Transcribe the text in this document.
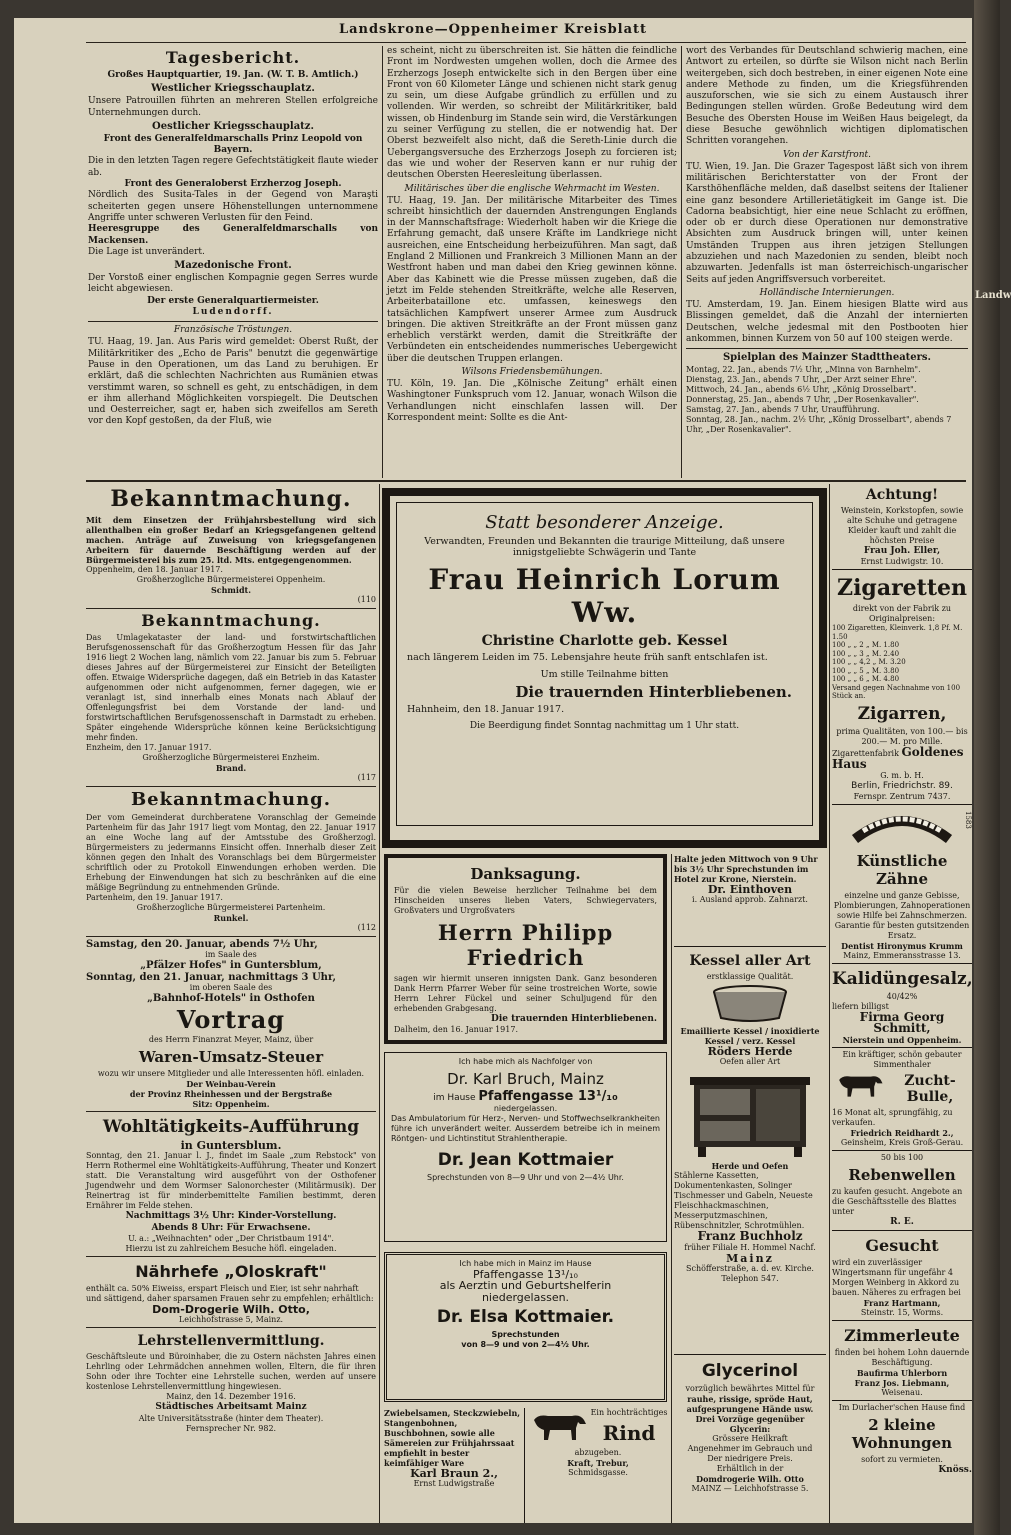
Landskrone—Oppenheimer Kreisblatt
Tagesbericht.

Großes Hauptquartier, 19. Jan. (W. T. B. Amtlich.)

Westlicher Kriegsschauplatz.

Unsere Patrouillen führten an mehreren Stellen erfolgreiche Unternehmungen durch.

Oestlicher Kriegsschauplatz.

Front des Generalfeldmarschalls Prinz Leopold von Bayern.

Die in den letzten Tagen regere Gefechtstätigkeit flaute wieder ab.

Front des Generaloberst Erzherzog Joseph.

Nördlich des Susita-Tales in der Gegend von Maraşti scheiterten gegen unsere Höhenstellungen unternommene Angriffe unter schweren Verlusten für den Feind.

Heeresgruppe des Generalfeldmarschalls von Mackensen.

Die Lage ist unverändert.

Mazedonische Front.

Der Vorstoß einer englischen Kompagnie gegen Serres wurde leicht abgewiesen.

Der erste Generalquartiermeister.

Ludendorff.

Französische Tröstungen.

TU. Haag, 19. Jan. Aus Paris wird gemeldet: Oberst Rußt, der Militärkritiker des „Echo de Paris" benutzt die gegenwärtige Pause in den Operationen, um das Land zu beruhigen. Er erklärt, daß die schlechten Nachrichten aus Rumänien etwas verstimmt waren, so schnell es geht, zu entschädigen, in dem er ihm allerhand Möglichkeiten vorspiegelt. Die Deutschen und Oesterreicher, sagt er, haben sich zweifellos am Sereth vor den Kopf gestoßen, da der Fluß, wie

es scheint, nicht zu überschreiten ist. Sie hätten die feindliche Front im Nordwesten umgehen wollen, doch die Armee des Erzherzogs Joseph entwickelte sich in den Bergen über eine Front von 60 Kilometer Länge und schienen nicht stark genug zu sein, um diese Aufgabe gründlich zu erfüllen und zu vollenden. Wir werden, so schreibt der Militärkritiker, bald wissen, ob Hindenburg im Stande sein wird, die Verstärkungen zu seiner Verfügung zu stellen, die er notwendig hat. Der Oberst bezweifelt also nicht, daß die Sereth-Linie durch die Uebergangsversuche des Erzherzogs Joseph zu forcieren ist; das wie und woher der Reserven kann er nur ruhig der deutschen Obersten Heeresleitung überlassen.

Militärisches über die englische Wehrmacht im Westen.

TU. Haag, 19. Jan. Der militärische Mitarbeiter des Times schreibt hinsichtlich der dauernden Anstrengungen Englands in der Mannschaftsfrage: Wiederholt haben wir die Kriege die Erfahrung gemacht, daß unsere Kräfte im Landkriege nicht ausreichen, eine Entscheidung herbeizuführen. Man sagt, daß England 2 Millionen und Frankreich 3 Millionen Mann an der Westfront haben und man dabei den Krieg gewinnen könne. Aber das Kabinett wie die Presse müssen zugeben, daß die jetzt im Felde stehenden Streitkräfte, welche alle Reserven, Arbeiterbataillone etc. umfassen, keineswegs den tatsächlichen Kampfwert unserer Armee zum Ausdruck bringen. Die aktiven Streitkräfte an der Front müssen ganz erheblich verstärkt werden, damit die Streitkräfte der Verbündeten ein entscheidendes nummerisches Uebergewicht über die deutschen Truppen erlangen.

Wilsons Friedensbemühungen.

TU. Köln, 19. Jan. Die „Kölnische Zeitung" erhält einen Washingtoner Funkspruch vom 12. Januar, wonach Wilson die Verhandlungen nicht einschlafen lassen will. Der Korrespondent meint: Sollte es die Ant-

wort des Verbandes für Deutschland schwierig machen, eine Antwort zu erteilen, so dürfte sie Wilson nicht nach Berlin weitergeben, sich doch bestreben, in einer eigenen Note eine andere Methode zu finden, um die Kriegsführenden auszuforschen, wie sie sich zu einem Austausch ihrer Bedingungen stellen würden. Große Bedeutung wird dem Besuche des Obersten House im Weißen Haus beigelegt, da diese Besuche gewöhnlich wichtigen diplomatischen Schritten vorangehen.

Von der Karstfront.

TU. Wien, 19. Jan. Die Grazer Tagespost läßt sich von ihrem militärischen Berichterstatter von der Front der Karsthöhenfläche melden, daß daselbst seitens der Italiener eine ganz besondere Artillerietätigkeit im Gange ist. Die Cadorna beabsichtigt, hier eine neue Schlacht zu eröffnen, oder ob er durch diese Operationen nur demonstrative Absichten zum Ausdruck bringen will, unter keinen Umständen Truppen aus ihren jetzigen Stellungen abzuziehen und nach Mazedonien zu senden, bleibt noch abzuwarten. Jedenfalls ist man österreichisch-ungarischer Seits auf jeden Angriffsversuch vorbereitet.

Holländische Internierungen.

TU. Amsterdam, 19. Jan. Einem hiesigen Blatte wird aus Blissingen gemeldet, daß die Anzahl der internierten Deutschen, welche jedesmal mit den Postbooten hier ankommen, binnen Kurzem von 50 auf 100 steigen werde.

Spielplan des Mainzer Stadttheaters.

Montag, 22. Jan., abends 7½ Uhr, „Minna von Barnhelm".

Dienstag, 23. Jan., abends 7 Uhr, „Der Arzt seiner Ehre".

Mittwoch, 24. Jan., abends 6½ Uhr, „König Drosselbart".

Donnerstag, 25. Jan., abends 7 Uhr, „Der Rosenkavalier".

Samstag, 27. Jan., abends 7 Uhr, Uraufführung.

Sonntag, 28. Jan., nachm. 2½ Uhr, „König Drosselbart", abends 7 Uhr, „Der Rosenkavalier".

Bekanntmachung.

Mit dem Einsetzen der Frühjahrsbestellung wird sich allenthalben ein großer Bedarf an Kriegsgefangenen geltend machen. Anträge auf Zuweisung von kriegsgefangenen Arbeitern für dauernde Beschäftigung werden auf der Bürgermeisterei bis zum 25. ltd. Mts. entgegengenommen.

Oppenheim, den 18. Januar 1917.

Großherzogliche Bürgermeisterei Oppenheim.

Schmidt.

(110

Bekanntmachung.

Das Umlagekataster der land- und forstwirtschaftlichen Berufsgenossenschaft für das Großherzogtum Hessen für das Jahr 1916 liegt 2 Wochen lang, nämlich vom 22. Januar bis zum 5. Februar dieses Jahres auf der Bürgermeisterei zur Einsicht der Beteiligten offen. Etwaige Widersprüche dagegen, daß ein Betrieb in das Kataster aufgenommen oder nicht aufgenommen, ferner dagegen, wie er veranlagt ist, sind innerhalb eines Monats nach Ablauf der Offenlegungsfrist bei dem Vorstande der land- und forstwirtschaftlichen Berufsgenossenschaft in Darmstadt zu erheben. Später eingehende Widersprüche können keine Berücksichtigung mehr finden.

Enzheim, den 17. Januar 1917.

Großherzogliche Bürgermeisterei Enzheim.

Brand.

(117

Bekanntmachung.

Der vom Gemeinderat durchberatene Voranschlag der Gemeinde Partenheim für das Jahr 1917 liegt vom Montag, den 22. Januar 1917 an eine Woche lang auf der Amtsstube des Großherzogl. Bürgermeisters zu jedermanns Einsicht offen. Innerhalb dieser Zeit können gegen den Inhalt des Voranschlags bei dem Bürgermeister schriftlich oder zu Protokoll Einwendungen erhoben werden. Die Erhebung der Einwendungen hat sich zu beschränken auf die eine mäßige Begründung zu entnehmenden Gründe.

Partenheim, den 19. Januar 1917.

Großherzogliche Bürgermeisterei Partenheim.

Runkel.

(112

Samstag, den 20. Januar, abends 7½ Uhr,

im Saale des

„Pfälzer Hofes" in Guntersblum,

Sonntag, den 21. Januar, nachmittags 3 Uhr,

im oberen Saale des

„Bahnhof-Hotels" in Osthofen

Vortrag

des Herrn Finanzrat Meyer, Mainz, über

Waren-Umsatz-Steuer

wozu wir unsere Mitglieder und alle Interessenten höfl. einladen.

Der Weinbau-Verein

der Provinz Rheinhessen und der Bergstraße

Sitz: Oppenheim.

Wohltätigkeits-Aufführung

in Guntersblum.

Sonntag, den 21. Januar l. J., findet im Saale „zum Rebstock" von Herrn Rothermel eine Wohltätigkeits-Aufführung, Theater und Konzert statt. Die Veranstaltung wird ausgeführt von der Osthofener Jugendwehr und dem Wormser Salonorchester (Militärmusik). Der Reinertrag ist für minderbemittelte Familien bestimmt, deren Ernährer im Felde stehen.

Nachmittags 3½ Uhr: Kinder-Vorstellung.

Abends 8 Uhr: Für Erwachsene.

U. a.: „Weihnachten" oder „Der Christbaum 1914".

Hierzu ist zu zahlreichem Besuche höfl. eingeladen.

Nährhefe „Oloskraft"

enthält ca. 50% Eiweiss, erspart Fleisch und Eier, ist sehr nahrhaft und sättigend, daher sparsamen Frauen sehr zu empfehlen; erhältlich:

Dom-Drogerie Wilh. Otto,

Leichhofstrasse 5, Mainz.

Lehrstellenvermittlung.

Geschäftsleute und Büroinhaber, die zu Ostern nächsten Jahres einen Lehrling oder Lehrmädchen annehmen wollen, Eltern, die für ihren Sohn oder ihre Tochter eine Lehrstelle suchen, werden auf unsere kostenlose Lehrstellenvermittlung hingewiesen.

Mainz, den 14. Dezember 1916.

Städtisches Arbeitsamt Mainz

Alte Universitätsstraße (hinter dem Theater).

Fernsprecher Nr. 982.

Statt besonderer Anzeige.

Verwandten, Freunden und Bekannten die traurige Mitteilung, daß unsere innigstgeliebte Schwägerin und Tante

Frau Heinrich Lorum Ww.
Christine Charlotte geb. Kessel

nach längerem Leiden im 75. Lebensjahre heute früh sanft entschlafen ist.

Um stille Teilnahme bitten

Die trauernden Hinterbliebenen.

Hahnheim, den 18. Januar 1917.

Die Beerdigung findet Sonntag nachmittag um 1 Uhr statt.

Danksagung.

Für die vielen Beweise herzlicher Teilnahme bei dem Hinscheiden unseres lieben Vaters, Schwiegervaters, Großvaters und Urgroßvaters

Herrn Philipp Friedrich

sagen wir hiermit unseren innigsten Dank. Ganz besonderen Dank Herrn Pfarrer Weber für seine trostreichen Worte, sowie Herrn Lehrer Fückel und seiner Schuljugend für den erhebenden Grabgesang.

Die trauernden Hinterbliebenen.

Dalheim, den 16. Januar 1917.

Ich habe mich als Nachfolger von

Dr. Karl Bruch, Mainz

im Hause Pfaffengasse 13¹/₁₀

niedergelassen.

Das Ambulatorium für Herz-, Nerven- und Stoffwechselkrankheiten führe ich unverändert weiter. Ausserdem betreibe ich in meinem Röntgen- und Lichtinstitut Strahlentherapie.

Dr. Jean Kottmaier

Sprechstunden von 8—9 Uhr und von 2—4½ Uhr.

Ich habe mich in Mainz im Hause

Pfaffengasse 13¹/₁₀

als Aerztin und Geburtshelferin

niedergelassen.

Dr. Elsa Kottmaier.

Sprechstunden

von 8—9 und von 2—4½ Uhr.

Zwiebelsamen, Steckzwiebeln, Stangenbohnen, Buschbohnen, sowie alle Sämereien zur Frühjahrssaat empfiehlt in bester keimfähiger Ware

Karl Braun 2.,

Ernst Ludwigstraße

Ein hochträchtiges

Rind

abzugeben.

Kraft, Trebur,

Schmidsgasse.

Halte jeden Mittwoch von 9 Uhr bis 3½ Uhr Sprechstunden im Hotel zur Krone, Nierstein.

Dr. Einthoven

i. Ausland approb. Zahnarzt.

Kessel aller Art

erstklassige Qualität.

Emaillierte Kessel / inoxidierte Kessel / verz. Kessel

Röders Herde

Oefen aller Art

Herde und Oefen

Stählerne Kassetten, Dokumentenkasten, Solinger Tischmesser und Gabeln, Neueste Fleischhackmaschinen, Messerputzmaschinen, Rübenschnitzler, Schrotmühlen.

Franz Buchholz

früher Filiale H. Hommel Nachf.

Mainz

Schöfferstraße, a. d. ev. Kirche.

Telephon 547.

Glycerinol

vorzüglich bewährtes Mittel für

rauhe, rissige, spröde Haut, aufgesprungene Hände usw.

Drei Vorzüge gegenüber Glycerin:

Grössere Heilkraft

Angenehmer im Gebrauch und

Der niedrigere Preis.

Erhältlich in der

Domdrogerie Wilh. Otto

MAINZ — Leichhofstrasse 5.

Achtung!

Weinstein, Korkstopfen, sowie alte Schuhe und getragene Kleider kauft und zahlt die höchsten Preise

Frau Joh. Eller,

Ernst Ludwigstr. 10.

Zigaretten

direkt von der Fabrik zu Originalpreisen:

100 Zigaretten, Kleinverk. 1,8 Pf. M. 1.50

100 „ „ 2 „ M. 1.80

100 „ „ 3 „ M. 2.40

100 „ „ 4,2 „ M. 3.20

100 „ „ 5 „ M. 3.80

100 „ „ 6 „ M. 4.80

Versand gegen Nachnahme von 100 Stück an.

Zigarren,

prima Qualitäten, von 100.— bis 200.— M. pro Mille.

Zigarettenfabrik Goldenes Haus

G. m. b. H.

Berlin, Friedrichstr. 89.

Fernspr. Zentrum 7437.

1583
Künstliche Zähne

einzelne und ganze Gebisse, Plombierungen, Zahnoperationen sowie Hilfe bei Zahnschmerzen. Garantie für besten gutsitzenden Ersatz.

Dentist Hironymus Krumm

Mainz, Emmeransstrasse 13.

Kalidüngesalz,

40/42%

liefern billigst

Firma Georg Schmitt,

Nierstein und Oppenheim.

Ein kräftiger, schön gebauter Simmenthaler

Zucht-Bulle,

16 Monat alt, sprungfähig, zu verkaufen.

Friedrich Reidhardt 2.,

Geinsheim, Kreis Groß-Gerau.

50 bis 100

Rebenwellen

zu kaufen gesucht. Angebote an die Geschäftsstelle des Blattes unter

R. E.

Gesucht

wird ein zuverlässiger Wingertsmann für ungefähr 4 Morgen Weinberg in Akkord zu bauen. Näheres zu erfragen bei

Franz Hartmann,

Steinstr. 15, Worms.

Zimmerleute

finden bei hohem Lohn dauernde Beschäftigung.

Baufirma Uhlerborn

Franz Jos. Liebmann,

Weisenau.

Im Durlacher'schen Hause find

2 kleine Wohnungen

sofort zu vermieten.

Knöss.

Landw
